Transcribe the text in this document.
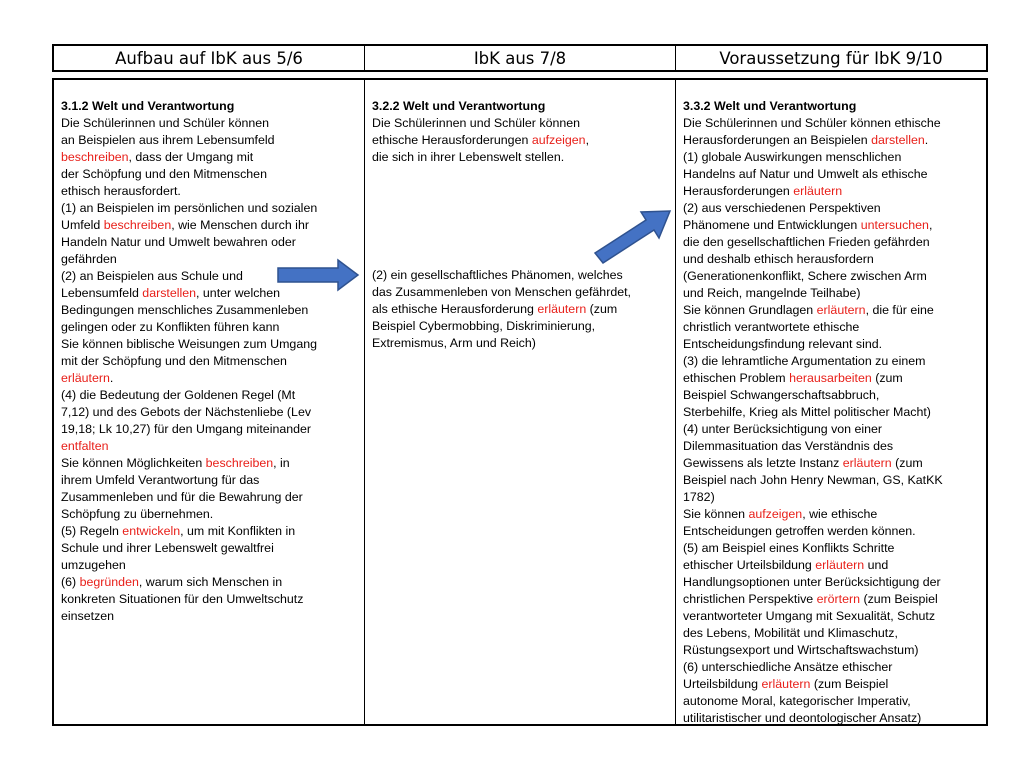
Aufbau auf IbK aus 5/6	IbK aus 7/8	Voraussetzung für IbK 9/10

3.1.2 Welt und Verantwortung

Die Schülerinnen und Schüler können

an Beispielen aus ihrem Lebensumfeld

beschreiben, dass der Umgang mit

der Schöpfung und den Mitmenschen

ethisch herausfordert.

(1) an Beispielen im persönlichen und sozialen

Umfeld beschreiben, wie Menschen durch ihr

Handeln Natur und Umwelt bewahren oder

gefährden

(2) an Beispielen aus Schule und

Lebensumfeld darstellen, unter welchen

Bedingungen menschliches Zusammenleben

gelingen oder zu Konflikten führen kann

Sie können biblische Weisungen zum Umgang

mit der Schöpfung und den Mitmenschen

erläutern.

(4) die Bedeutung der Goldenen Regel (Mt

7,12) und des Gebots der Nächstenliebe (Lev

19,18; Lk 10,27) für den Umgang miteinander

entfalten

Sie können Möglichkeiten beschreiben, in

ihrem Umfeld Verantwortung für das

Zusammenleben und für die Bewahrung der

Schöpfung zu übernehmen.

(5) Regeln entwickeln, um mit Konflikten in

Schule und ihrer Lebenswelt gewaltfrei

umzugehen

(6) begründen, warum sich Menschen in

konkreten Situationen für den Umweltschutz

einsetzen

3.2.2 Welt und Verantwortung

Die Schülerinnen und Schüler können

ethische Herausforderungen aufzeigen,

die sich in ihrer Lebenswelt stellen.

(2) ein gesellschaftliches Phänomen, welches

das Zusammenleben von Menschen gefährdet,

als ethische Herausforderung erläutern (zum

Beispiel Cybermobbing, Diskriminierung,

Extremismus, Arm und Reich)

3.3.2 Welt und Verantwortung

Die Schülerinnen und Schüler können ethische

Herausforderungen an Beispielen darstellen.

(1) globale Auswirkungen menschlichen

Handelns auf Natur und Umwelt als ethische

Herausforderungen erläutern

(2) aus verschiedenen Perspektiven

Phänomene und Entwicklungen untersuchen,

die den gesellschaftlichen Frieden gefährden

und deshalb ethisch herausfordern

(Generationenkonflikt, Schere zwischen Arm

und Reich, mangelnde Teilhabe)

Sie können Grundlagen erläutern, die für eine

christlich verantwortete ethische

Entscheidungsfindung relevant sind.

(3) die lehramtliche Argumentation zu einem

ethischen Problem herausarbeiten (zum

Beispiel Schwangerschaftsabbruch,

Sterbehilfe, Krieg als Mittel politischer Macht)

(4) unter Berücksichtigung von einer

Dilemmasituation das Verständnis des

Gewissens als letzte Instanz erläutern (zum

Beispiel nach John Henry Newman, GS, KatKK

1782)

Sie können aufzeigen, wie ethische

Entscheidungen getroffen werden können.

(5) am Beispiel eines Konflikts Schritte

ethischer Urteilsbildung erläutern und

Handlungsoptionen unter Berücksichtigung der

christlichen Perspektive erörtern (zum Beispiel

verantworteter Umgang mit Sexualität, Schutz

des Lebens, Mobilität und Klimaschutz,

Rüstungsexport und Wirtschaftswachstum)

(6) unterschiedliche Ansätze ethischer

Urteilsbildung erläutern (zum Beispiel

autonome Moral, kategorischer Imperativ,

utilitaristischer und deontologischer Ansatz)
